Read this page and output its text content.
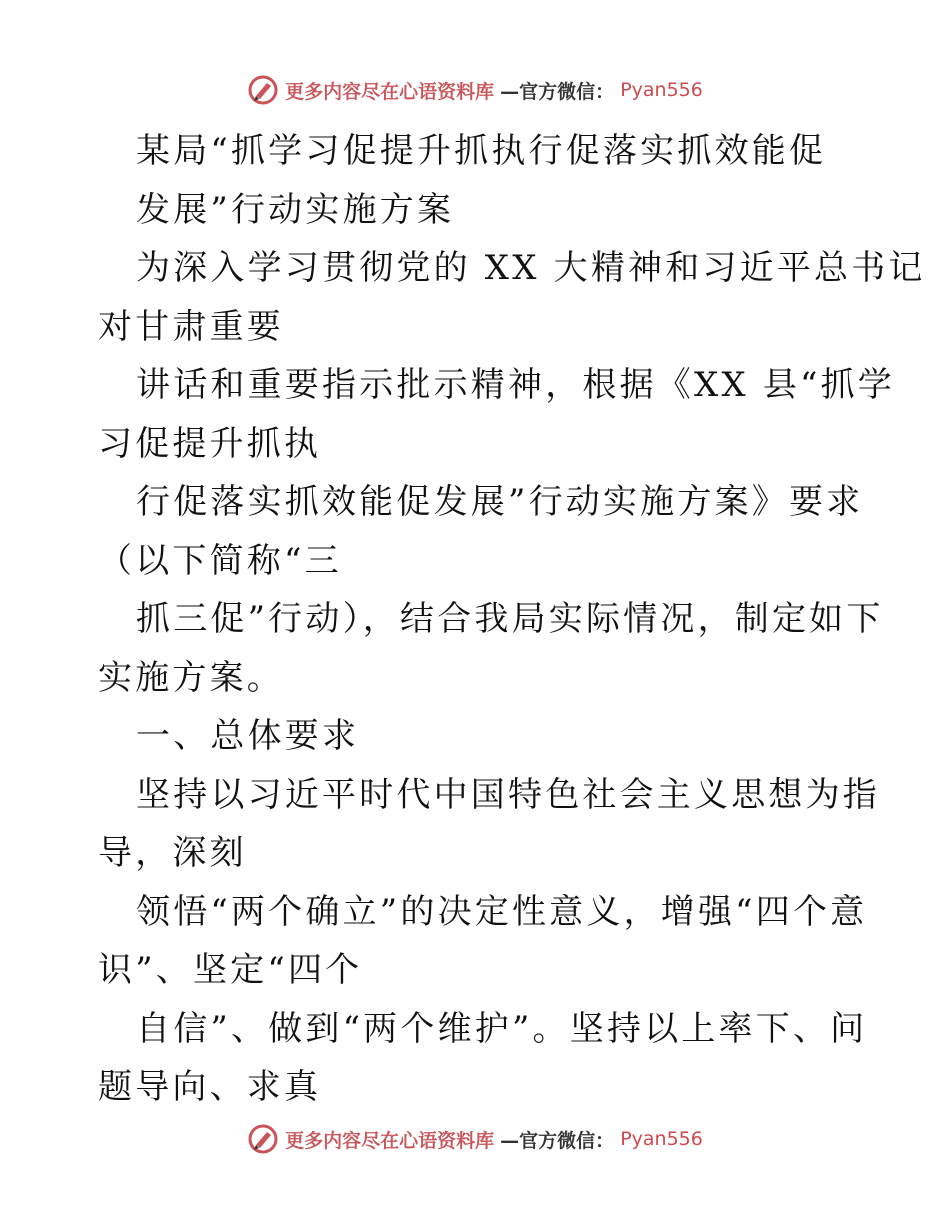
更多内容尽在心语资料库 —官方微信： Pyan556
某局“抓学习促提升抓执行促落实抓效能促
发展”行动实施方案
为深入学习贯彻党的 XX 大精神和习近平总书记
对甘肃重要
讲话和重要指示批示精神，根据《XX 县“抓学
习促提升抓执
行促落实抓效能促发展”行动实施方案》要求
（以下简称“三
抓三促”行动），结合我局实际情况，制定如下
实施方案。
一、总体要求
坚持以习近平时代中国特色社会主义思想为指
导，深刻
领悟“两个确立”的决定性意义，增强“四个意
识”、坚定“四个
自信”、做到“两个维护”。坚持以上率下、问
题导向、求真
更多内容尽在心语资料库 —官方微信： Pyan556
